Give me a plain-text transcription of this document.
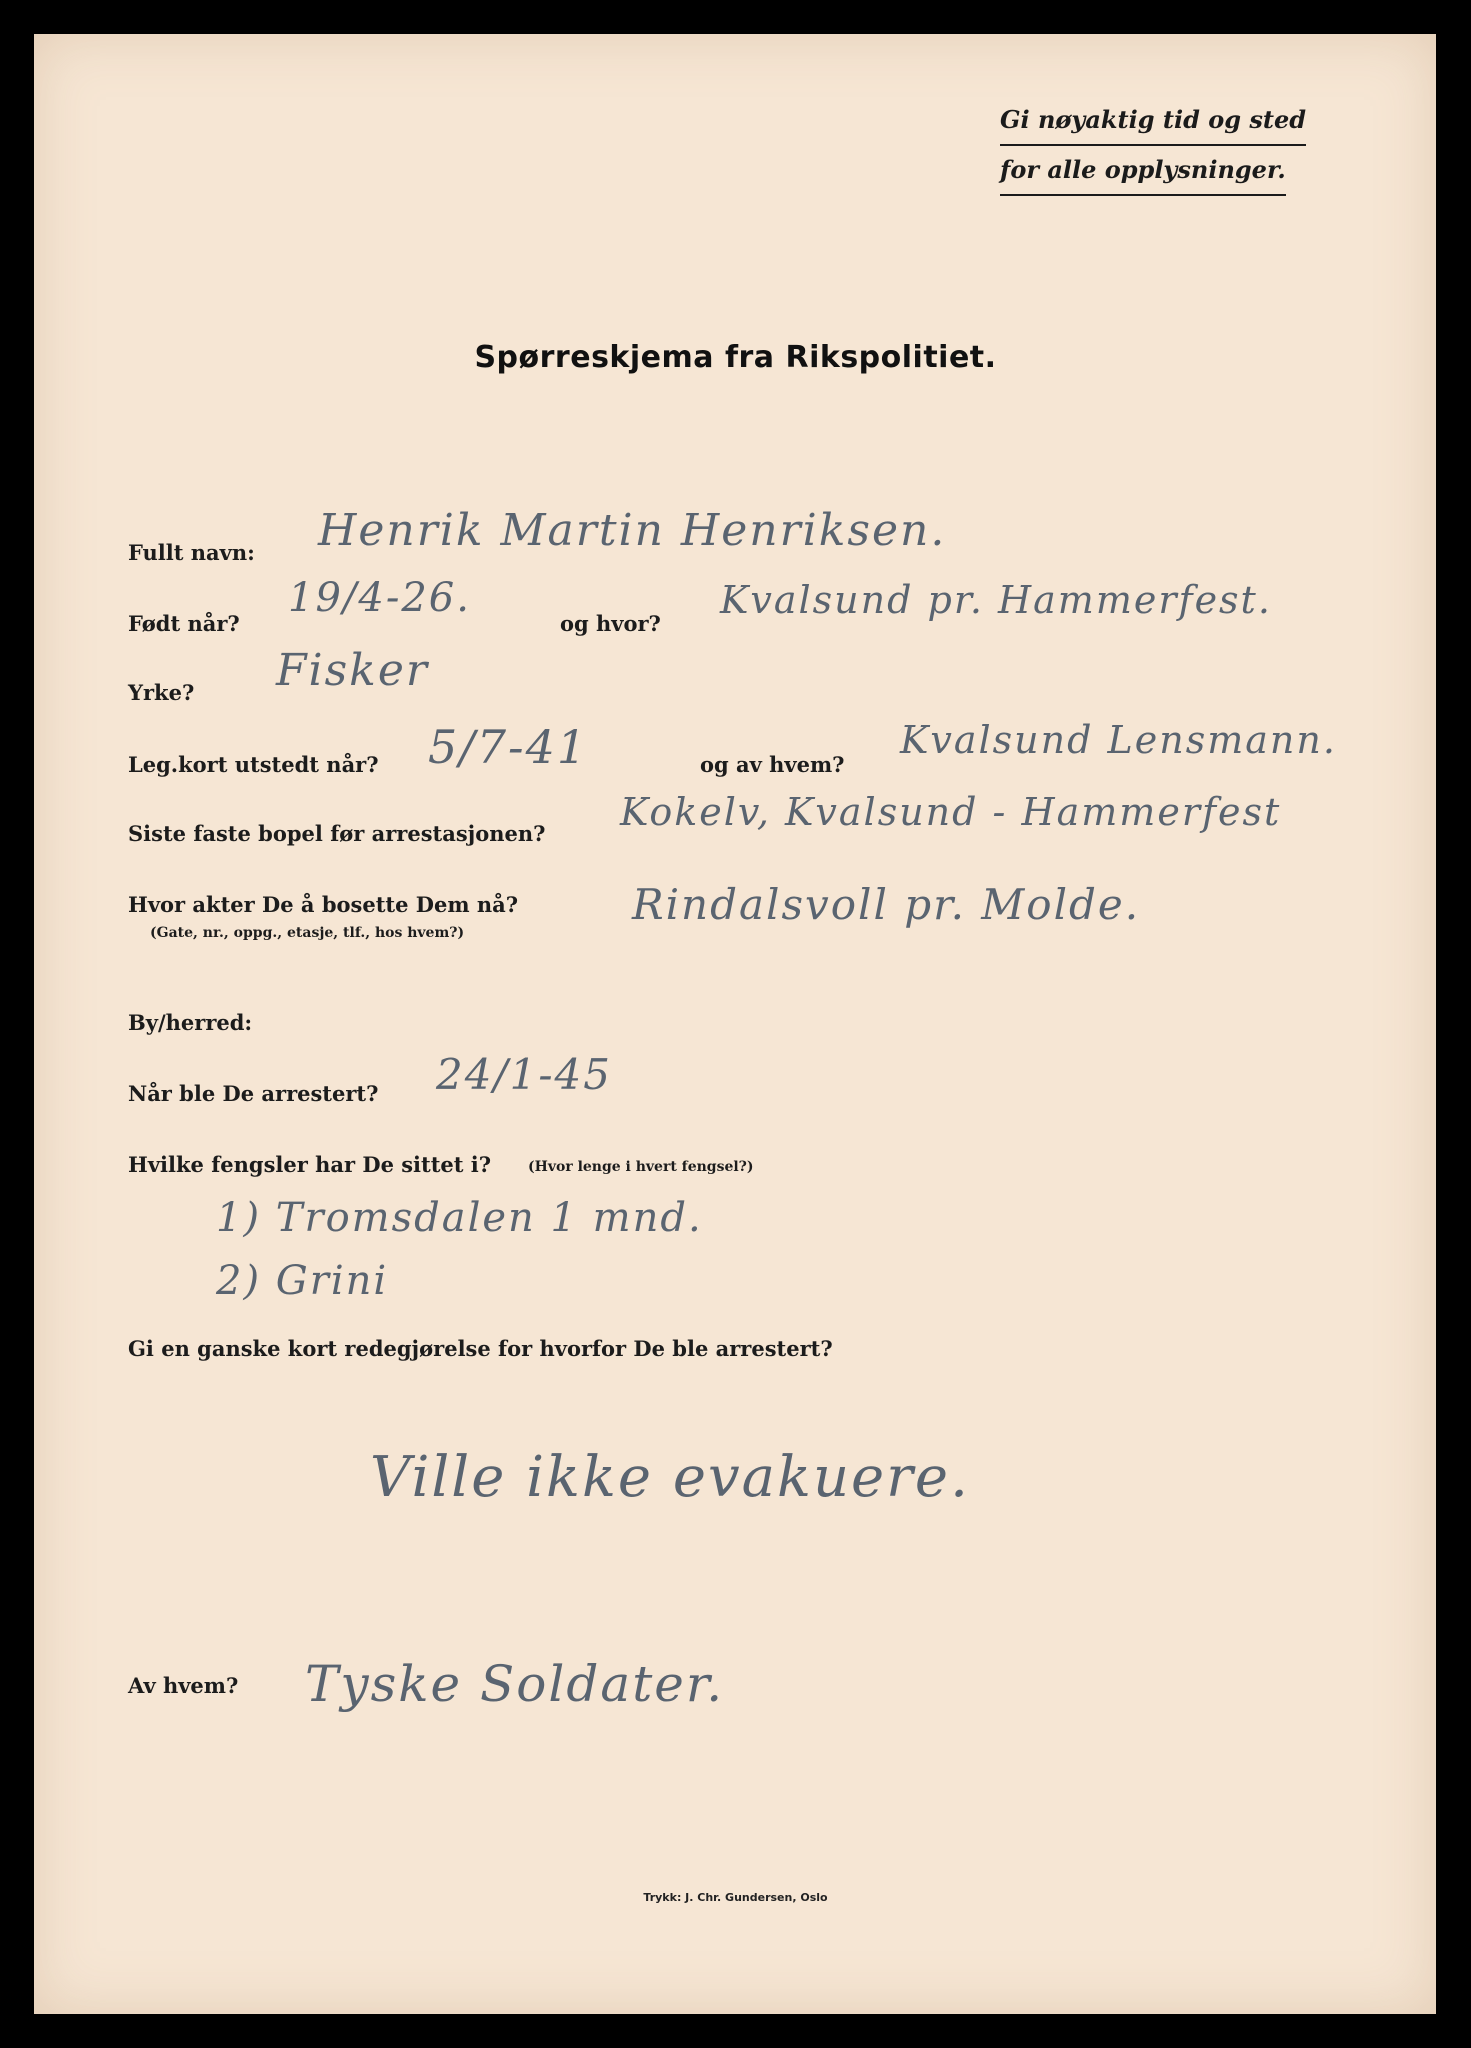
Gi nøyaktig tid og sted
for alle opplysninger.
Spørreskjema fra Rikspolitiet.
Fullt navn: Henrik Martin Henriksen.
Født når?
19/4-26.
og hvor?
Kvalsund pr. Hammerfest.
Yrke? Fisker
Leg.kort utstedt når? 5/7-41	og av hvem?
Kvalsund Lensmann.
Siste faste bopel før arrestasjonen? Kokelv, Kvalsund - Hammerfest
Hvor akter De å bosette Dem nå?
(Gate, nr., oppg., etasje, tlf., hos hvem?)
Rindalsvoll pr. Molde.
By/herred:
Når ble De arrestert? 24/1-45
Hvilke fengsler har De sittet i?	(Hvor lenge i hvert fengsel?)
1) Tromsdalen 1 mnd.
2) Grini
Gi en ganske kort redegjørelse for hvorfor De ble arrestert?
Ville ikke evakuere.
Av hvem? Tyske Soldater.
Trykk: J. Chr. Gundersen, Oslo
